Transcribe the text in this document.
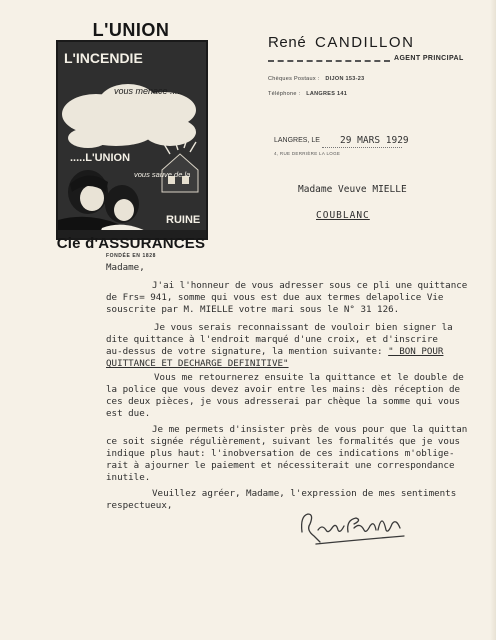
L'UNION
L'INCENDIE
vous menace .....
.....L'UNION
vous sauve de la
RUINE
Cie d'ASSURANCES
FONDÉE EN 1828
René CANDILLON
AGENT PRINCIPAL
Chèques Postaux : DIJON 153-23
Téléphone : LANGRES 141
LANGRES, LE 29 MARS 1929
4, RUE DERRIÈRE LA LOGE
Madame Veuve MIELLE
COUBLANC
Madame,
J'ai l'honneur de vous adresser sous ce pli une quittance
de Frs= 941, somme qui vous est due aux termes delapolice Vie
souscrite par M. MIELLE votre mari sous le N° 31 126.
Je vous serais reconnaissant de vouloir bien signer la
dite quittance à l'endroit marqué d'une croix, et d'inscrire
au-dessus de votre signature, la mention suivante: " BON POUR
QUITTANCE ET DECHARGE DEFINITIVE"
Vous me retournerez ensuite la quittance et le double de
la police que vous devez avoir entre les mains: dès réception de
ces deux pièces, je vous adresserai par chèque la somme qui vous
est due.
Je me permets d'insister près de vous pour que la quittan
ce soit signée régulièrement, suivant les formalités que je vous
indique plus haut: l'inobversation de ces indications m'oblige-
rait à ajourner le paiement et nécessiterait une correspondance
inutile.
Veuillez agréer, Madame, l'expression de mes sentiments
respectueux,
